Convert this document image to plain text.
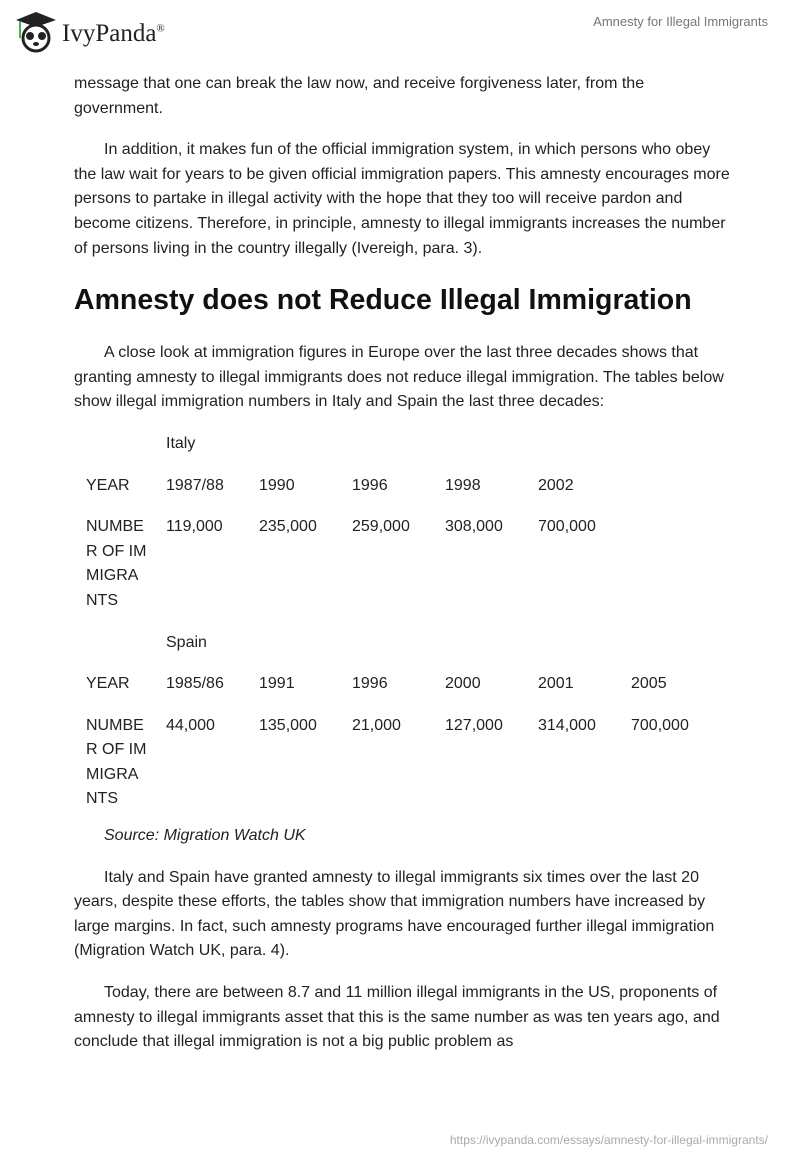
IvyPanda®	Amnesty for Illegal Immigrants

message that one can break the law now, and receive forgiveness later, from the government.

In addition, it makes fun of the official immigration system, in which persons who obey the law wait for years to be given official immigration papers. This amnesty encourages more persons to partake in illegal activity with the hope that they too will receive pardon and become citizens. Therefore, in principle, amnesty to illegal immigrants increases the number of persons living in the country illegally (Ivereigh, para. 3).

Amnesty does not Reduce Illegal Immigration

A close look at immigration figures in Europe over the last three decades shows that granting amnesty to illegal immigrants does not reduce illegal immigration. The tables below show illegal immigration numbers in Italy and Spain the last three decades:

	Italy					
YEAR	1987/88	1990	1996	1998	2002	

NUMBER OF IMMIGRANTS	119,000	235,000	259,000	308,000	700,000	
	Spain					
YEAR	1985/86	1991	1996	2000	2001	2005

NUMBER OF IMMIGRANTS	44,000	135,000	21,000	127,000	314,000	700,000
Source: Migration Watch UK

Italy and Spain have granted amnesty to illegal immigrants six times over the last 20 years, despite these efforts, the tables show that immigration numbers have increased by large margins. In fact, such amnesty programs have encouraged further illegal immigration (Migration Watch UK, para. 4).

Today, there are between 8.7 and 11 million illegal immigrants in the US, proponents of amnesty to illegal immigrants asset that this is the same number as was ten years ago, and conclude that illegal immigration is not a big public problem as

https://ivypanda.com/essays/amnesty-for-illegal-immigrants/
